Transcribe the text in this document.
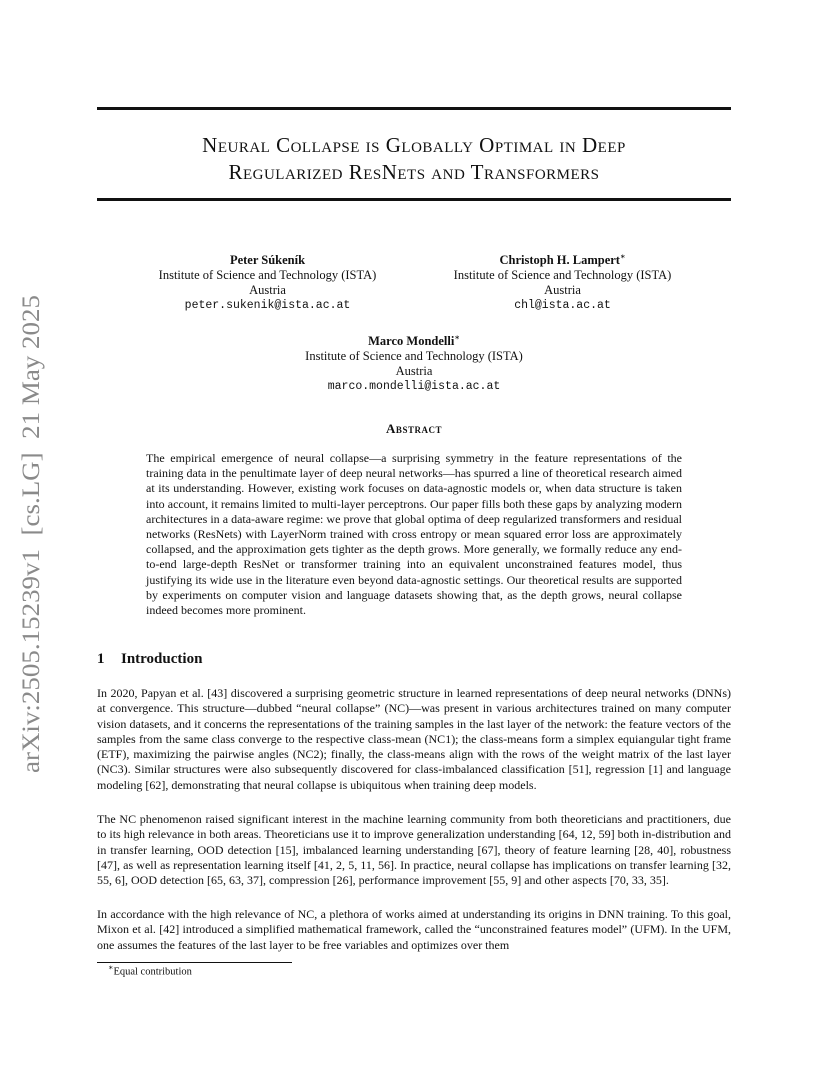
arXiv:2505.15239v1  [cs.LG]  21 May 2025
Neural Collapse is Globally Optimal in Deep
Regularized ResNets and Transformers
Peter Súkeník
Institute of Science and Technology (ISTA)
Austria
peter.sukenik@ista.ac.at
Christoph H. Lampert∗
Institute of Science and Technology (ISTA)
Austria
chl@ista.ac.at
Marco Mondelli∗
Institute of Science and Technology (ISTA)
Austria
marco.mondelli@ista.ac.at
Abstract
The empirical emergence of neural collapse—a surprising symmetry in the feature representations of the training data in the penultimate layer of deep neural networks—has spurred a line of theoretical research aimed at its understanding. However, existing work focuses on data-agnostic models or, when data structure is taken into account, it remains limited to multi-layer perceptrons. Our paper fills both these gaps by analyzing modern architectures in a data-aware regime: we prove that global optima of deep regularized transformers and residual networks (ResNets) with LayerNorm trained with cross entropy or mean squared error loss are approximately collapsed, and the approximation gets tighter as the depth grows. More generally, we formally reduce any end-to-end large-depth ResNet or transformer training into an equivalent unconstrained features model, thus justifying its wide use in the literature even beyond data-agnostic settings. Our theoretical results are supported by experiments on computer vision and language datasets showing that, as the depth grows, neural collapse indeed becomes more prominent.
1 Introduction
In 2020, Papyan et al. [43] discovered a surprising geometric structure in learned representations of deep neural networks (DNNs) at convergence. This structure—dubbed “neural collapse” (NC)—was present in various architectures trained on many computer vision datasets, and it concerns the representations of the training samples in the last layer of the network: the feature vectors of the samples from the same class converge to the respective class-mean (NC1); the class-means form a simplex equiangular tight frame (ETF), maximizing the pairwise angles (NC2); finally, the class-means align with the rows of the weight matrix of the last layer (NC3). Similar structures were also subsequently discovered for class-imbalanced classification [51], regression [1] and language modeling [62], demonstrating that neural collapse is ubiquitous when training deep models.
The NC phenomenon raised significant interest in the machine learning community from both theoreticians and practitioners, due to its high relevance in both areas. Theoreticians use it to improve generalization understanding [64, 12, 59] both in-distribution and in transfer learning, OOD detection [15], imbalanced learning understanding [67], theory of feature learning [28, 40], robustness [47], as well as representation learning itself [41, 2, 5, 11, 56]. In practice, neural collapse has implications on transfer learning [32, 55, 6], OOD detection [65, 63, 37], compression [26], performance improvement [55, 9] and other aspects [70, 33, 35].
In accordance with the high relevance of NC, a plethora of works aimed at understanding its origins in DNN training. To this goal, Mixon et al. [42] introduced a simplified mathematical framework, called the “unconstrained features model” (UFM). In the UFM, one assumes the features of the last layer to be free variables and optimizes over them
∗Equal contribution
